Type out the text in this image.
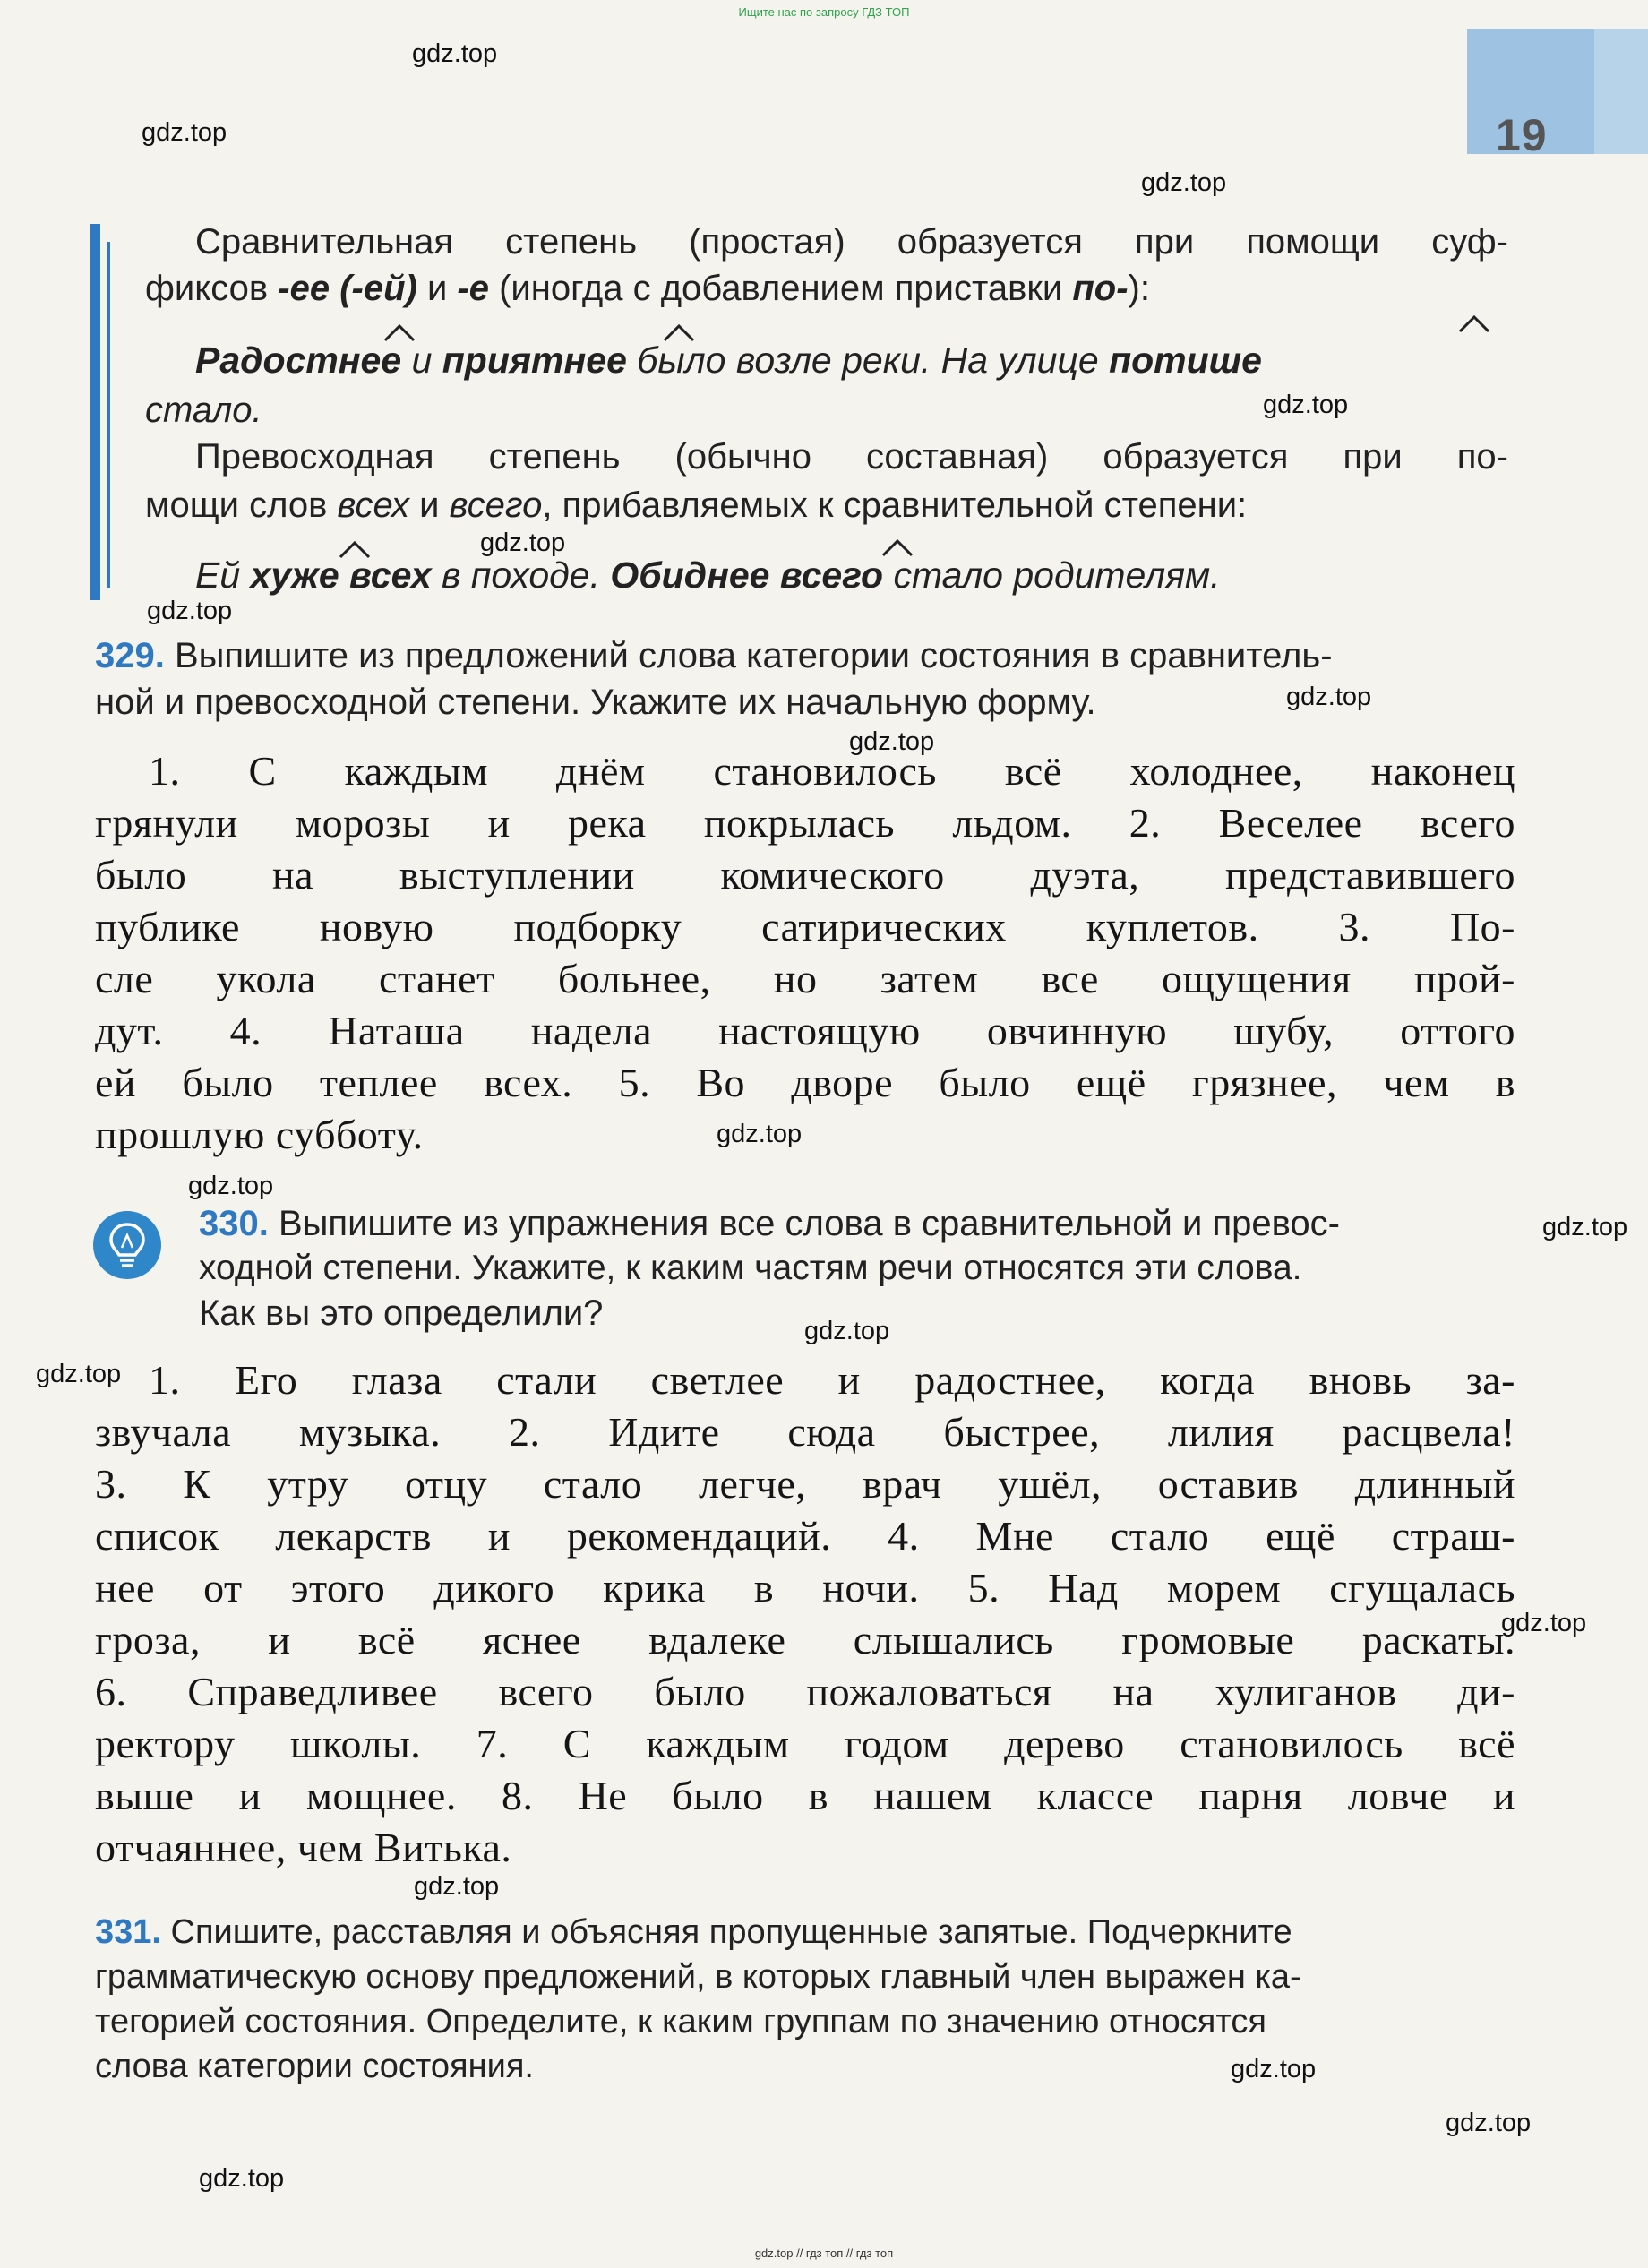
Ищите нас по запросу ГДЗ ТОП
19
gdz.top
gdz.top
gdz.top
gdz.top
gdz.top
gdz.top
gdz.top
gdz.top
gdz.top
gdz.top
gdz.top
gdz.top
gdz.top
gdz.top
gdz.top
gdz.top
gdz.top
gdz.top
Сравнительная степень (простая) образуется при помощи суф-
фиксов -ее (-ей) и -е (иногда с добавлением приставки по-):
Радостнее и приятнее было возле реки. На улице потише
стало.
Превосходная степень (обычно составная) образуется при по-
мощи слов всех и всего, прибавляемых к сравнительной степени:
Ей хуже всех в походе. Обиднее всего стало родителям.
329. Выпишите из предложений слова категории состояния в сравнитель-
ной и превосходной степени. Укажите их начальную форму.
1. С каждым днём становилось всё холоднее, наконец
грянули морозы и река покрылась льдом. 2. Веселее всего
было на выступлении комического дуэта, представившего
публике новую подборку сатирических куплетов. 3. По-
сле укола станет больнее, но затем все ощущения прой-
дут. 4. Наташа надела настоящую овчинную шубу, оттого
ей было теплее всех. 5. Во дворе было ещё грязнее, чем в
прошлую субботу.
330. Выпишите из упражнения все слова в сравнительной и превос-
ходной степени. Укажите, к каким частям речи относятся эти слова.
Как вы это определили?
1. Его глаза стали светлее и радостнее, когда вновь за-
звучала музыка. 2. Идите сюда быстрее, лилия расцвела!
3. К утру отцу стало легче, врач ушёл, оставив длинный
список лекарств и рекомендаций. 4. Мне стало ещё страш-
нее от этого дикого крика в ночи. 5. Над морем сгущалась
гроза, и всё яснее вдалеке слышались громовые раскаты.
6. Справедливее всего было пожаловаться на хулиганов ди-
ректору школы. 7. С каждым годом дерево становилось всё
выше и мощнее. 8. Не было в нашем классе парня ловче и
отчаяннее, чем Витька.
331. Спишите, расставляя и объясняя пропущенные запятые. Подчеркните
грамматическую основу предложений, в которых главный член выражен ка-
тегорией состояния. Определите, к каким группам по значению относятся
слова категории состояния.
gdz.top // гдз топ // гдз топ
